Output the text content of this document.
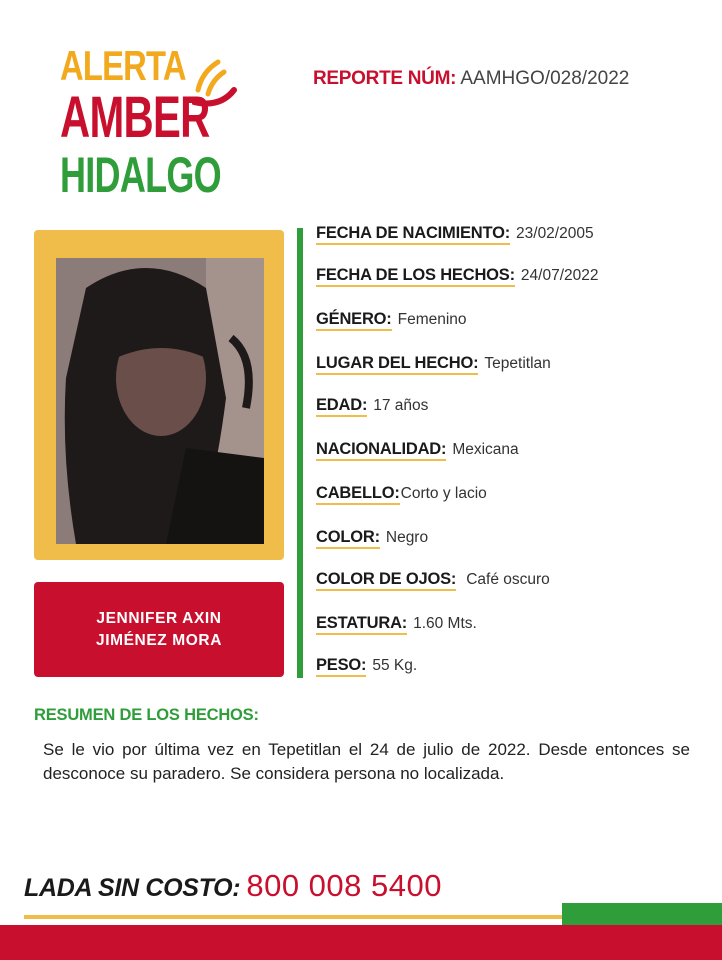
ALERTA
AMBER
HIDALGO
REPORTE NÚM: AAMHGO/028/2022
JENNIFER AXIN
JIMÉNEZ MORA
FECHA DE NACIMIENTO: 23/02/2005
FECHA DE LOS HECHOS: 24/07/2022
GÉNERO: Femenino
LUGAR DEL HECHO: Tepetitlan
EDAD: 17 años
NACIONALIDAD: Mexicana
CABELLO:Corto y lacio
COLOR: Negro
COLOR DE OJOS: Café oscuro
ESTATURA: 1.60 Mts.
PESO: 55 Kg.
RESUMEN DE LOS HECHOS:
Se le vio por última vez en Tepetitlan el 24 de julio de 2022. Desde entonces se desconoce su paradero. Se considera persona no localizada.
LADA SIN COSTO: 800 008 5400
